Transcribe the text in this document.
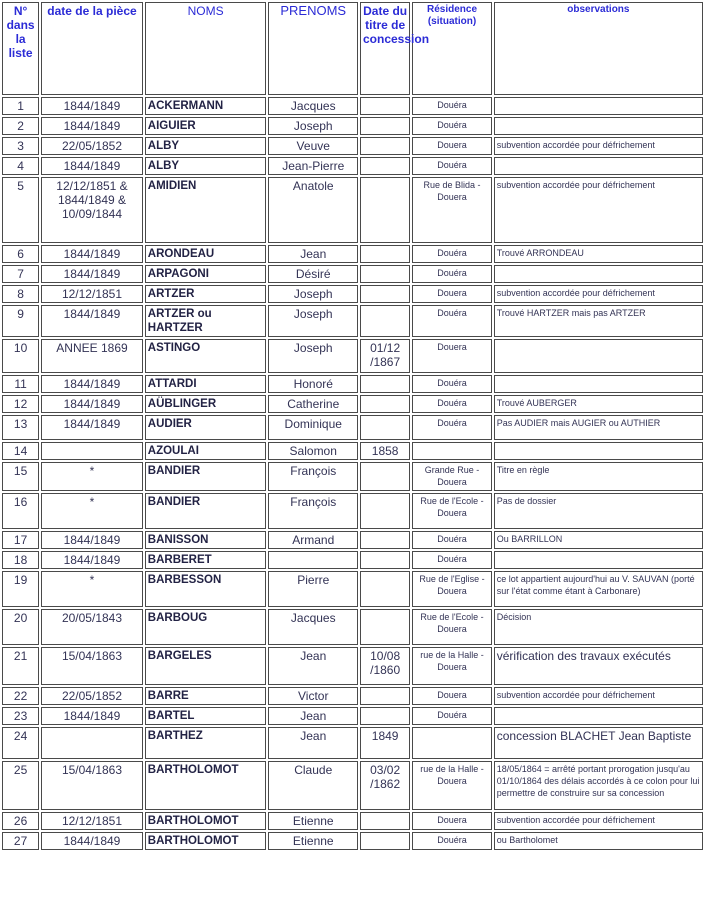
N° dans la liste	date de la pièce	NOMS	PRENOMS	Date du titre de concession	Résidence (situation)	observations
1	1844/1849	ACKERMANN	Jacques		Douéra	
2	1844/1849	AIGUIER	Joseph		Douéra	
3	22/05/1852	ALBY	Veuve		Douera	subvention accordée pour défrichement
4	1844/1849	ALBY	Jean-Pierre		Douéra	
5	12/12/1851 & 1844/1849 & 10/09/1844	AMIDIEN	Anatole		Rue de Blida - Douera	subvention accordée pour défrichement
6	1844/1849	ARONDEAU	Jean		Douéra	Trouvé ARRONDEAU
7	1844/1849	ARPAGONI	Désiré		Douéra	
8	12/12/1851	ARTZER	Joseph		Douera	subvention accordée pour défrichement
9	1844/1849	ARTZER ou HARTZER	Joseph		Douéra	Trouvé HARTZER mais pas ARTZER
10	ANNEE 1869	ASTINGO	Joseph	01/12 /1867	Douera	
11	1844/1849	ATTARDI	Honoré		Douéra	
12	1844/1849	AÜBLINGER	Catherine		Douéra	Trouvé AUBERGER
13	1844/1849	AUDIER	Dominique		Douéra	Pas AUDIER mais AUGIER ou AUTHIER
14		AZOULAI	Salomon	1858		
15	*	BANDIER	François		Grande Rue - Douera	Titre en règle
16	*	BANDIER	François		Rue de l'Ecole - Douera	Pas de dossier
17	1844/1849	BANISSON	Armand		Douéra	Ou BARRILLON
18	1844/1849	BARBERET			Douéra	
19	*	BARBESSON	Pierre		Rue de l'Eglise - Douera	ce lot appartient aujourd'hui au V. SAUVAN (porté sur l'état comme étant à Carbonare)
20	20/05/1843	BARBOUG	Jacques		Rue de l'Ecole - Douera	Décision
21	15/04/1863	BARGELES	Jean	10/08 /1860	rue de la Halle - Douera	vérification des travaux exécutés
22	22/05/1852	BARRE	Victor		Douera	subvention accordée pour défrichement
23	1844/1849	BARTEL	Jean		Douéra	
24		BARTHEZ	Jean	1849		concession BLACHET Jean Baptiste
25	15/04/1863	BARTHOLOMOT	Claude	03/02 /1862	rue de la Halle - Douera	18/05/1864 = arrêté portant prorogation jusqu'au 01/10/1864 des délais accordés à ce colon pour lui permettre de construire sur sa concession
26	12/12/1851	BARTHOLOMOT	Etienne		Douera	subvention accordée pour défrichement
27	1844/1849	BARTHOLOMOT	Etienne		Douéra	ou Bartholomet
